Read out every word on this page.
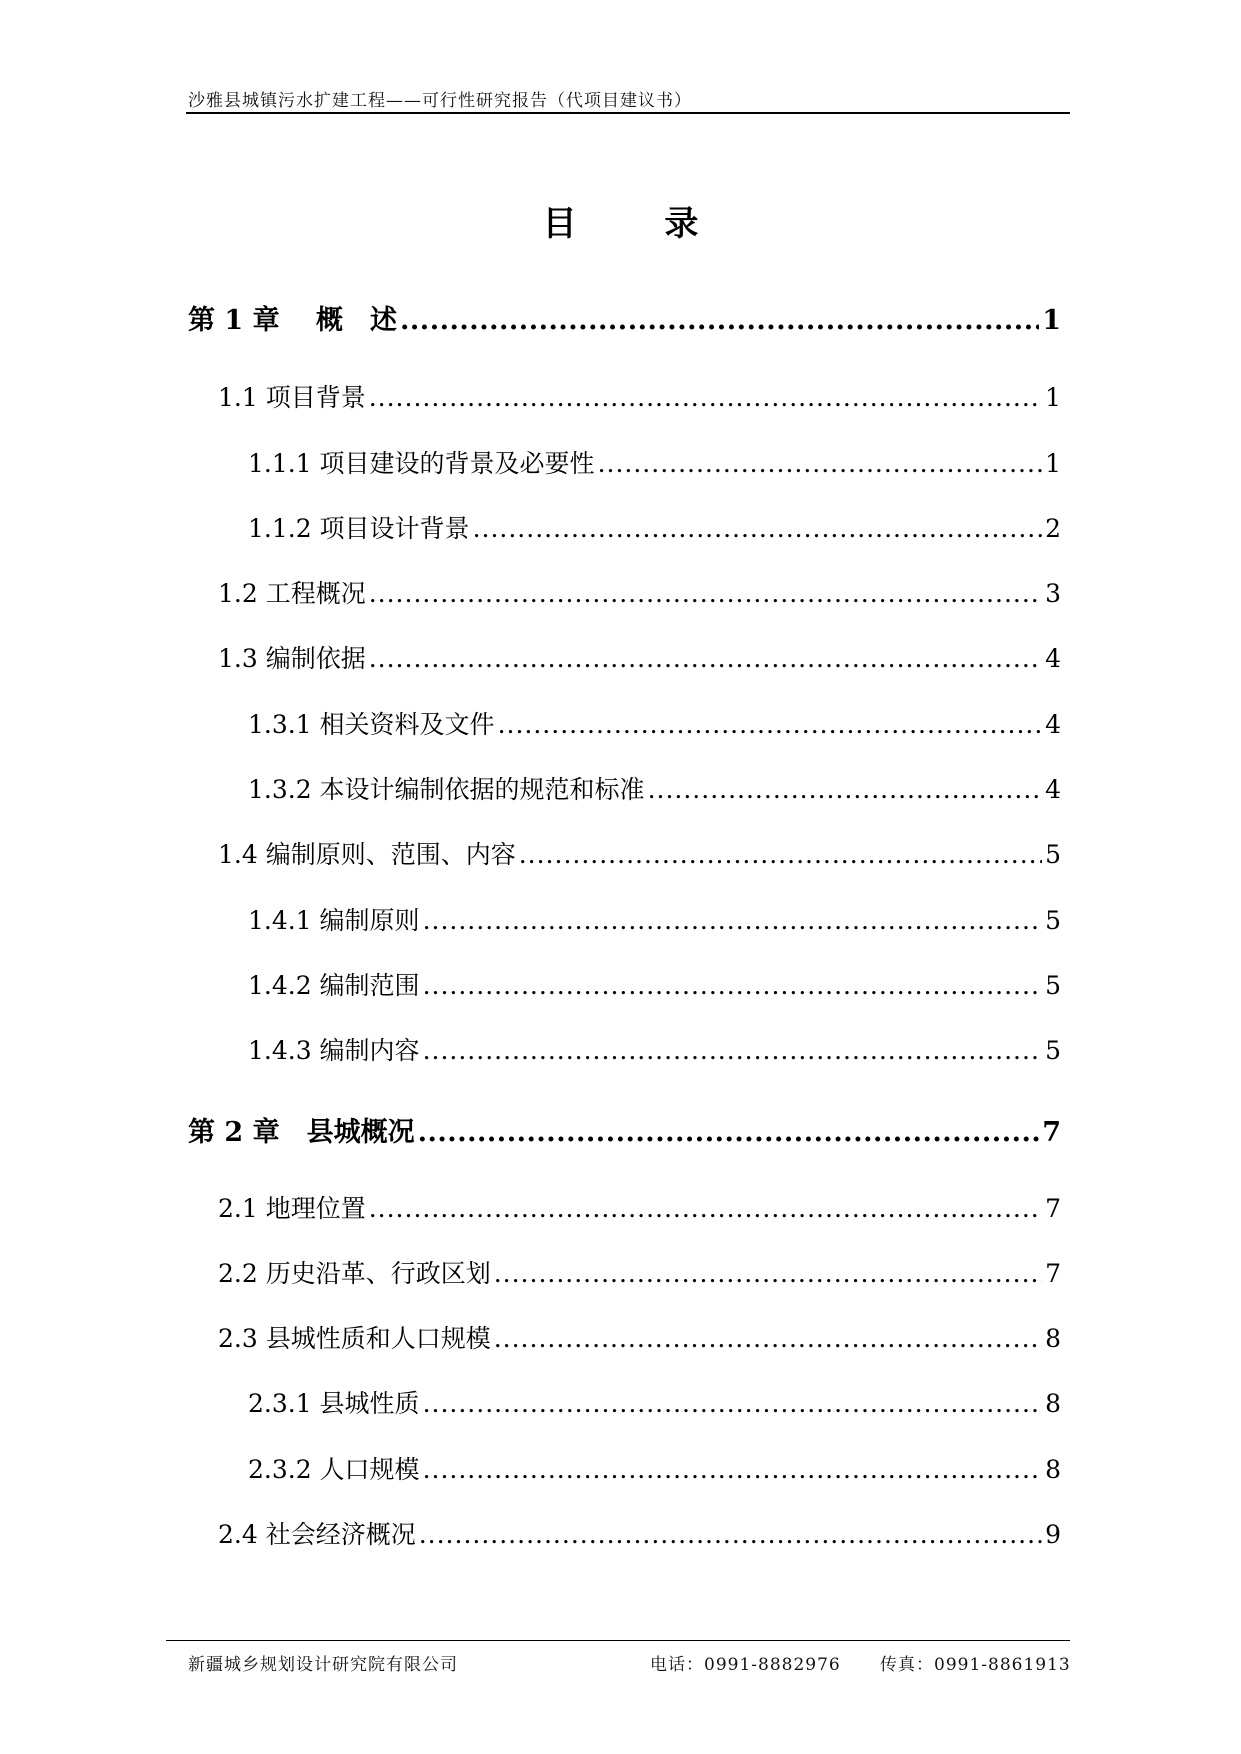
沙雅县城镇污水扩建工程——可行性研究报告（代项目建议书）
目	录
第 1 章　 概　述 .....	1
1.1 项目背景 .....	1
1.1.1 项目建设的背景及必要性 .....	1
1.1.2 项目设计背景 .....	2
1.2 工程概况 .....	3
1.3 编制依据 .....	4
1.3.1 相关资料及文件 .....	4
1.3.2 本设计编制依据的规范和标准 .....	4
1.4 编制原则、范围、内容 .....	5
1.4.1 编制原则 .....	5
1.4.2 编制范围 .....	5
1.4.3 编制内容 .....	5
第 2 章　县城概况 .....	7
2.1 地理位置 .....	7
2.2 历史沿革、行政区划 .....	7
2.3 县城性质和人口规模 .....	8
2.3.1 县城性质 .....	8
2.3.2 人口规模 .....	8
2.4 社会经济概况 .....	9
新疆城乡规划设计研究院有限公司	电话：0991-8882976 传真：0991-8861913
